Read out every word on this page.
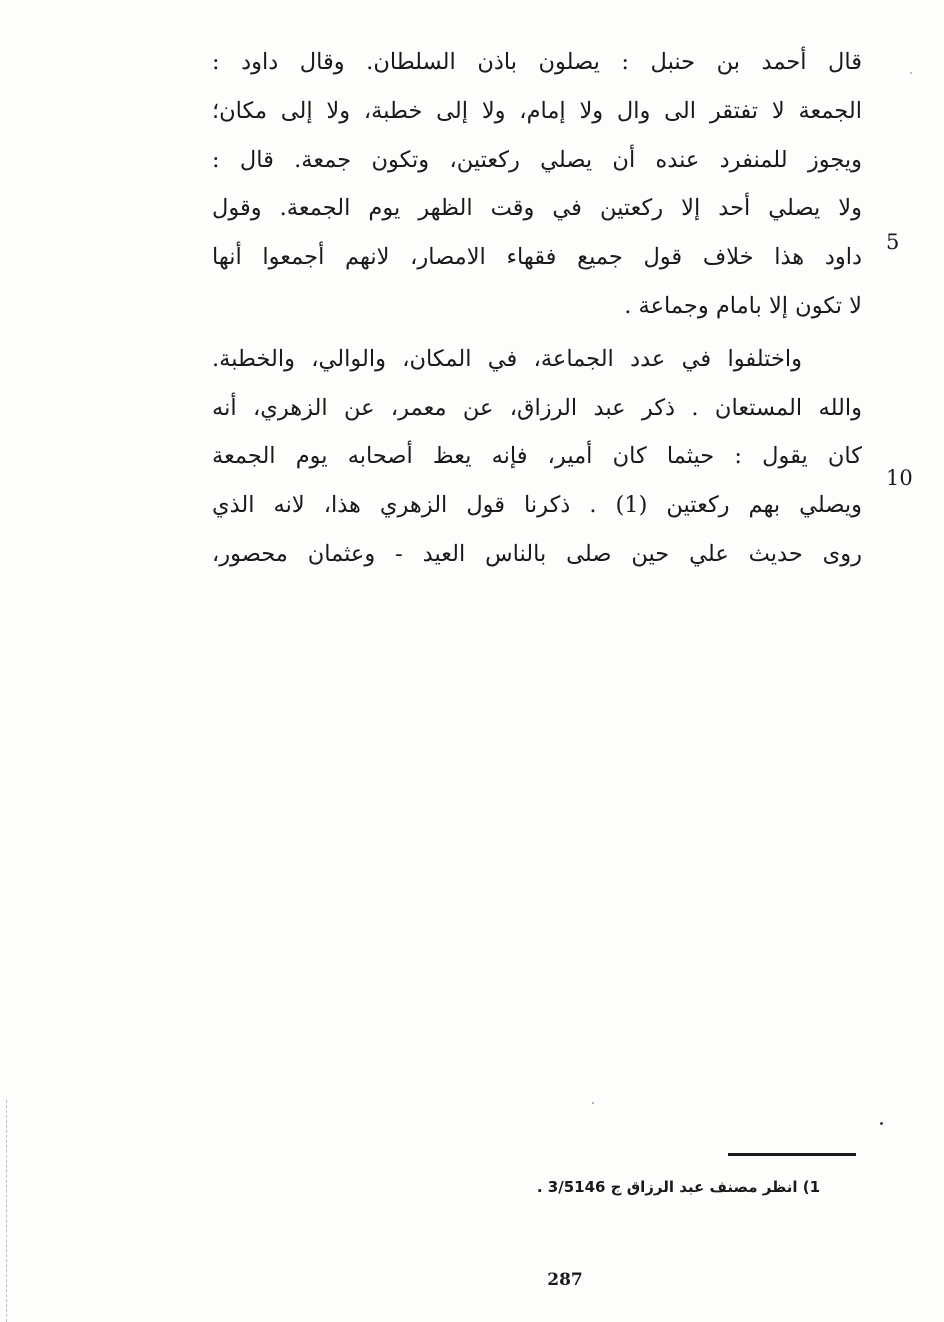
قال أحمد بن حنبل : يصلون باذن السلطان. وقال داود :
الجمعة لا تفتقر الى وال ولا إمام، ولا إلى خطبة، ولا إلى مكان؛
ويجوز للمنفرد عنده أن يصلي ركعتين، وتكون جمعة. قال :
ولا يصلي أحد إلا ركعتين في وقت الظهر يوم الجمعة. وقول
داود هذا خلاف قول جميع فقهاء الامصار، لانهم أجمعوا أنها
لا تكون إلا بامام وجماعة .
واختلفوا في عدد الجماعة، في المكان، والوالي، والخطبة.
والله المستعان . ذكر عبد الرزاق، عن معمر، عن الزهري، أنه
كان يقول : حيثما كان أمير، فإنه يعظ أصحابه يوم الجمعة
ويصلي بهم ركعتين (1) . ذكرنا قول الزهري هذا، لانه الذي
روى حديث علي حين صلى بالناس العيد - وعثمان محصور،
5
10
1) انظر مصنف عبد الرزاق ج 3/5146 .
287
